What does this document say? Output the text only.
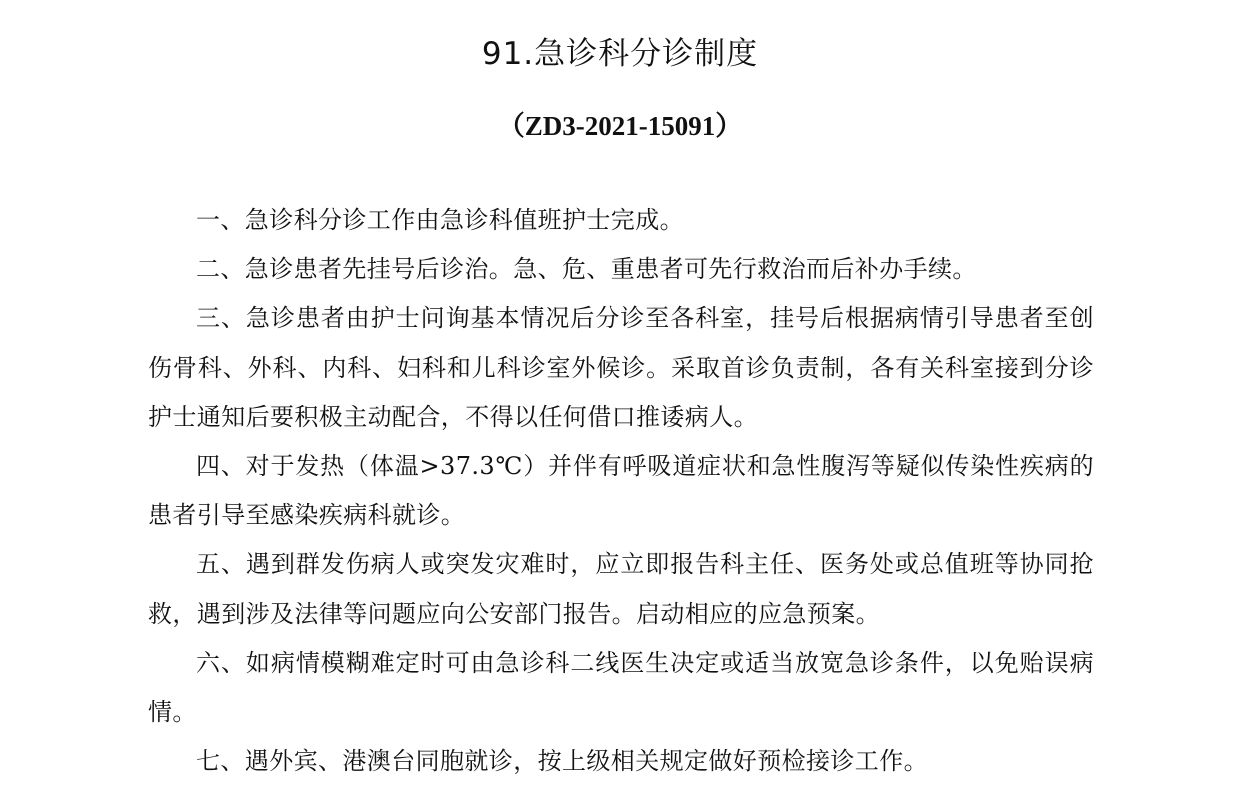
91.急诊科分诊制度
（ZD3-2021-15091）

一、急诊科分诊工作由急诊科值班护士完成。

二、急诊患者先挂号后诊治。急、危、重患者可先行救治而后补办手续。

三、急诊患者由护士问询基本情况后分诊至各科室，挂号后根据病情引导患者至创伤骨科、外科、内科、妇科和儿科诊室外候诊。采取首诊负责制，各有关科室接到分诊护士通知后要积极主动配合，不得以任何借口推诿病人。

四、对于发热（体温>37.3℃）并伴有呼吸道症状和急性腹泻等疑似传染性疾病的患者引导至感染疾病科就诊。

五、遇到群发伤病人或突发灾难时，应立即报告科主任、医务处或总值班等协同抢救，遇到涉及法律等问题应向公安部门报告。启动相应的应急预案。

六、如病情模糊难定时可由急诊科二线医生决定或适当放宽急诊条件，以免贻误病情。

七、遇外宾、港澳台同胞就诊，按上级相关规定做好预检接诊工作。
